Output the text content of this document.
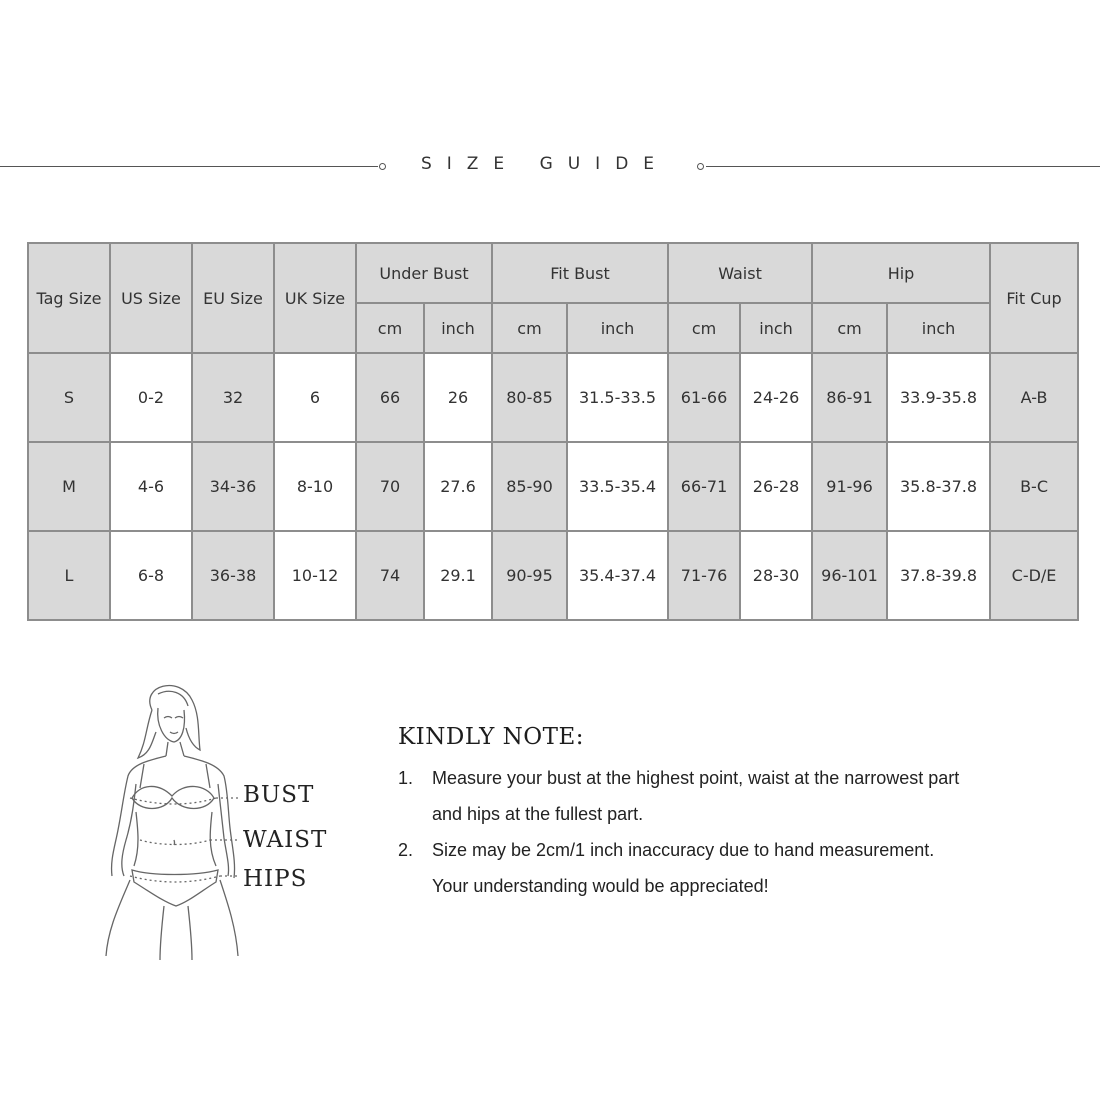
SIZE GUIDE
Tag Size	US Size	EU Size	UK Size	Under Bust		Fit Bust		Waist		Hip		Fit Cup
				cm	inch	cm	inch	cm	inch	cm	inch	
S	0-2	32	6	66	26	80-85	31.5-33.5	61-66	24-26	86-91	33.9-35.8	A-B
M	4-6	34-36	8-10	70	27.6	85-90	33.5-35.4	66-71	26-28	91-96	35.8-37.8	B-C
L	6-8	36-38	10-12	74	29.1	90-95	35.4-37.4	71-76	28-30	96-101	37.8-39.8	C-D/E
BUST
WAIST
HIPS
KINDLY NOTE:
1. Measure your bust at the highest point, waist at the narrowest part
and hips at the fullest part.
2. Size may be 2cm/1 inch inaccuracy due to hand measurement.
Your understanding would be appreciated!
